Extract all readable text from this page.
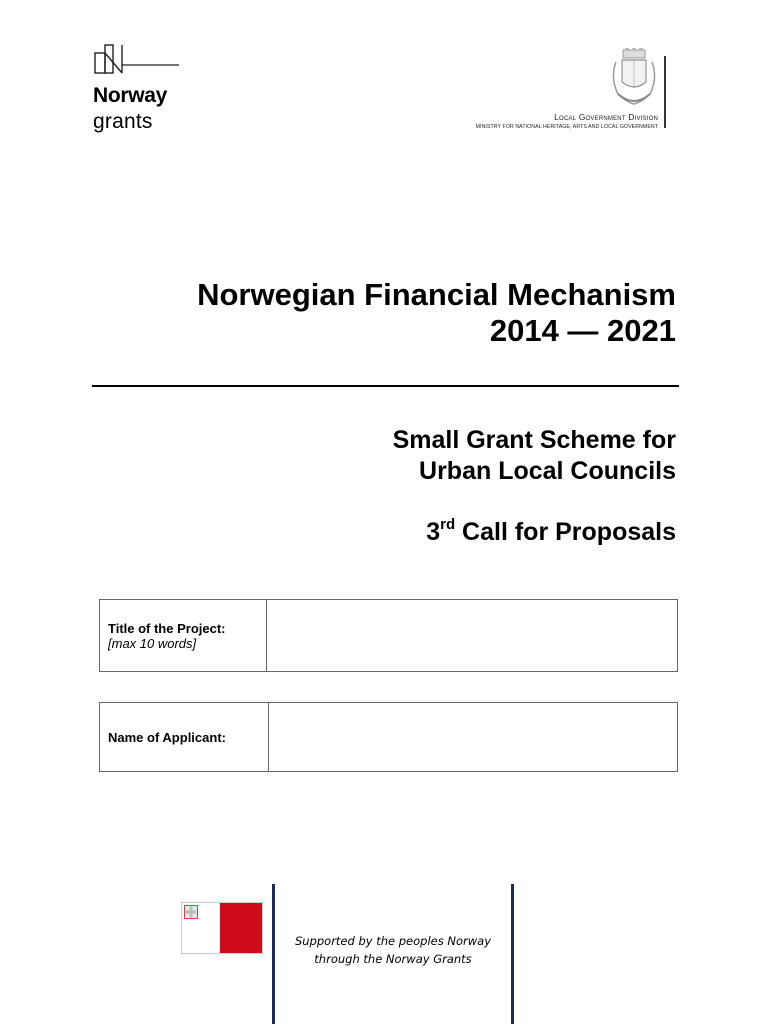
Norway
grants	Local Government Division
MINISTRY FOR NATIONAL HERITAGE, ARTS AND LOCAL GOVERNMENT
Norwegian Financial Mechanism
2014 — 2021
Small Grant Scheme for
Urban Local Councils
3rd Call for Proposals
Title of the Project:
[max 10 words]
Name of Applicant:
Supported by the peoples Norway
through the Norway Grants
